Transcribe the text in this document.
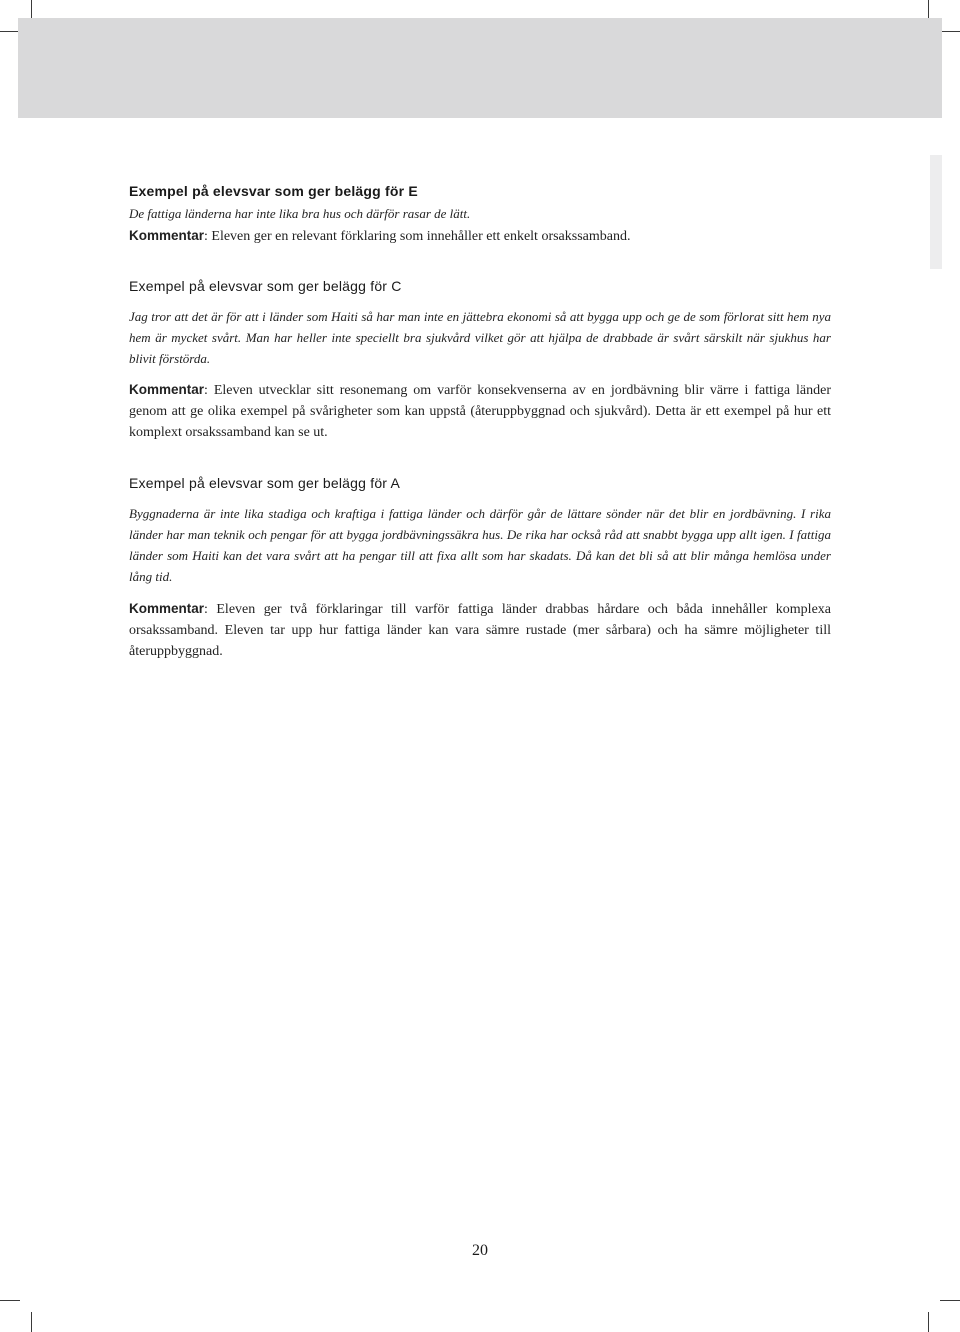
Exempel på elevsvar som ger belägg för E

De fattiga länderna har inte lika bra hus och därför rasar de lätt.

Kommentar: Eleven ger en relevant förklaring som innehåller ett enkelt orsakssamband.

Exempel på elevsvar som ger belägg för C

Jag tror att det är för att i länder som Haiti så har man inte en jättebra ekonomi så att bygga upp och ge de som förlorat sitt hem nya hem är mycket svårt. Man har heller inte speciellt bra sjukvård vilket gör att hjälpa de drabbade är svårt särskilt när sjukhus har blivit förstörda.

Kommentar: Eleven utvecklar sitt resonemang om varför konsekvenserna av en jordbävning blir värre i fattiga länder genom att ge olika exempel på svårigheter som kan uppstå (återuppbyggnad och sjukvård). Detta är ett exempel på hur ett komplext orsakssamband kan se ut.

Exempel på elevsvar som ger belägg för A

Byggnaderna är inte lika stadiga och kraftiga i fattiga länder och därför går de lättare sönder när det blir en jordbävning. I rika länder har man teknik och pengar för att bygga jordbävningssäkra hus. De rika har också råd att snabbt bygga upp allt igen. I fattiga länder som Haiti kan det vara svårt att ha pengar till att fixa allt som har skadats. Då kan det bli så att blir många hemlösa under lång tid.

Kommentar: Eleven ger två förklaringar till varför fattiga länder drabbas hårdare och båda innehåller komplexa orsakssamband. Eleven tar upp hur fattiga länder kan vara sämre rustade (mer sårbara) och ha sämre möjligheter till återuppbyggnad.

20
